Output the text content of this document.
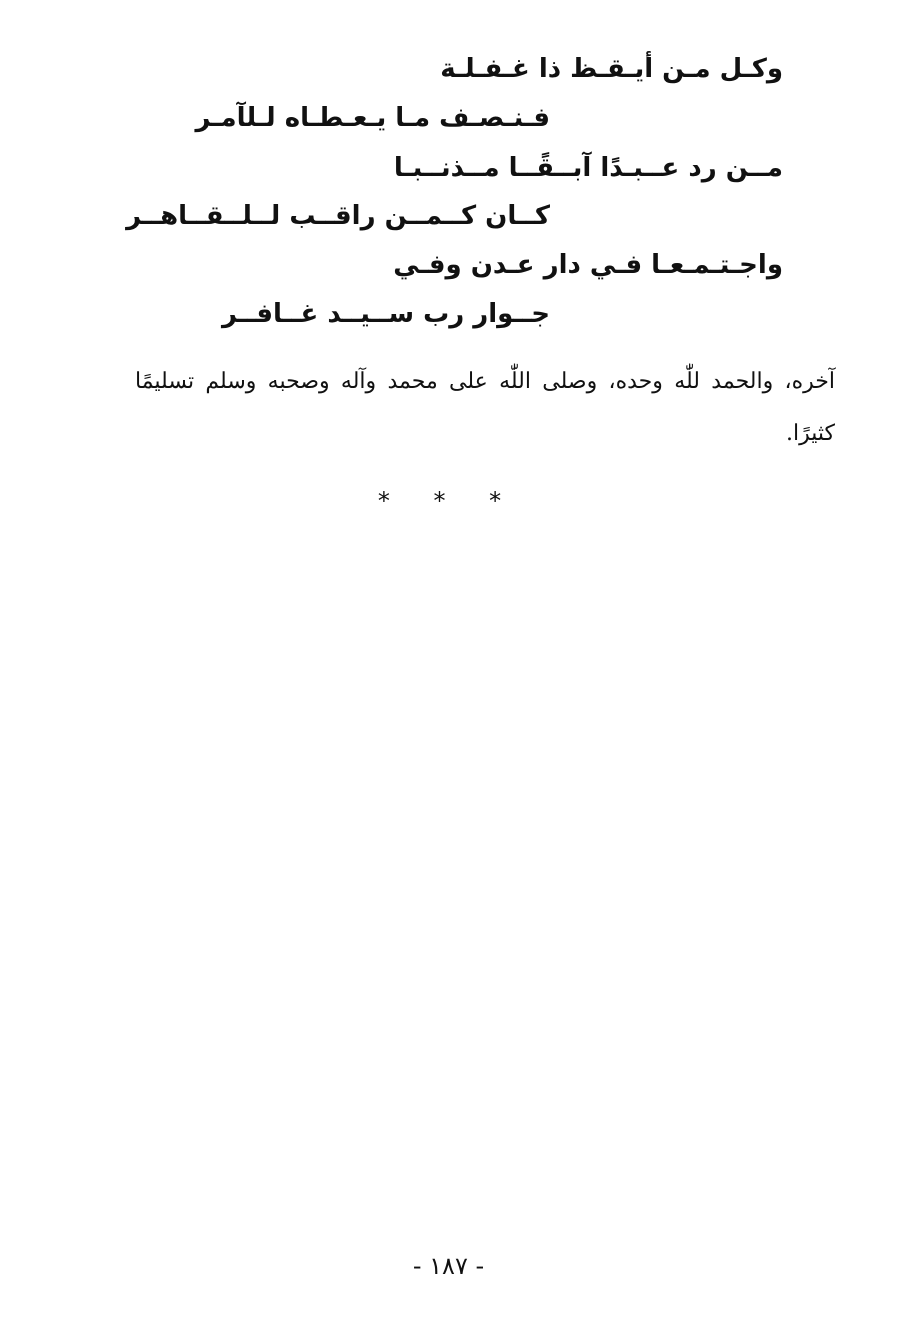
وكـل مـن أيـقـظ ذا غـفـلـة
فـنـصـف مـا يـعـطـاه لـلآمـر
مــن رد عــبـدًا آبــقًــا مــذنــبـا
كــان كــمــن راقــب لــلــقــاهــر
واجـتـمـعـا فـي دار عـدن وفـي
جــوار رب ســيــد غــافــر
آخره، والحمد للّٰه وحده، وصلى اللّٰه على محمد وآله وصحبه وسلم تسليمًا كثيرًا.
* * *
- ١٨٧ -
